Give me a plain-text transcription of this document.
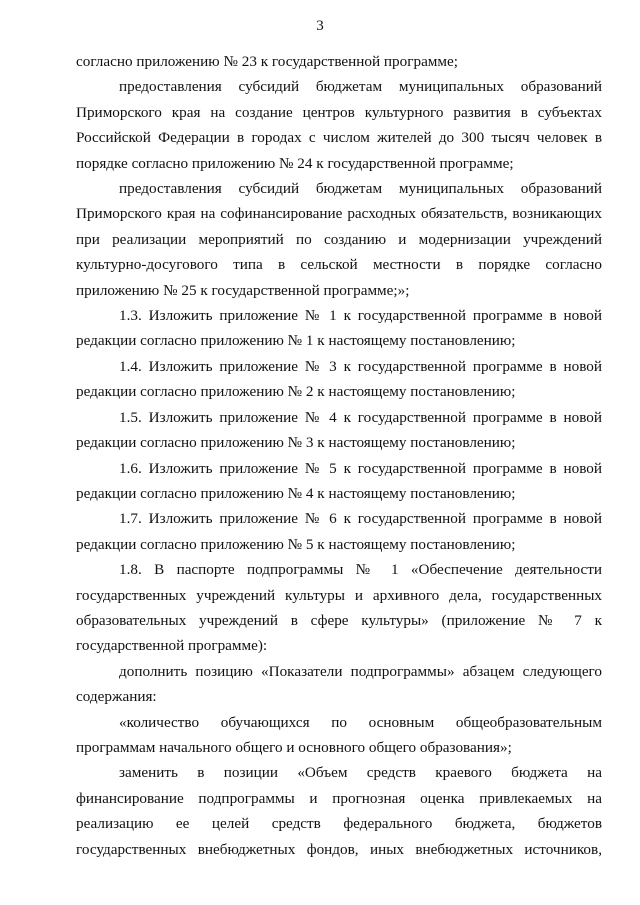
3

согласно приложению № 23 к государственной программе;

предоставления субсидий бюджетам муниципальных образований Приморского края на создание центров культурного развития в субъектах Российской Федерации в городах с числом жителей до 300 тысяч человек в порядке согласно приложению № 24 к государственной программе;

предоставления субсидий бюджетам муниципальных образований Приморского края на софинансирование расходных обязательств, возникающих при реализации мероприятий по созданию и модернизации учреждений культурно-досугового типа в сельской местности в порядке согласно приложению № 25 к государственной программе;»;

1.3. Изложить приложение № 1 к государственной программе в новой редакции согласно приложению № 1 к настоящему постановлению;

1.4. Изложить приложение № 3 к государственной программе в новой редакции согласно приложению № 2 к настоящему постановлению;

1.5. Изложить приложение № 4 к государственной программе в новой редакции согласно приложению № 3 к настоящему постановлению;

1.6. Изложить приложение № 5 к государственной программе в новой редакции согласно приложению № 4 к настоящему постановлению;

1.7. Изложить приложение № 6 к государственной программе в новой редакции согласно приложению № 5 к настоящему постановлению;

1.8. В паспорте подпрограммы № 1 «Обеспечение деятельности государственных учреждений культуры и архивного дела, государственных образовательных учреждений в сфере культуры» (приложение № 7 к государственной программе):

дополнить позицию «Показатели подпрограммы» абзацем следующего содержания:

«количество обучающихся по основным общеобразовательным программам начального общего и основного общего образования»;

заменить в позиции «Объем средств краевого бюджета на финансирование подпрограммы и прогнозная оценка привлекаемых на реализацию ее целей средств федерального бюджета, бюджетов государственных внебюджетных фондов, иных внебюджетных источников,
